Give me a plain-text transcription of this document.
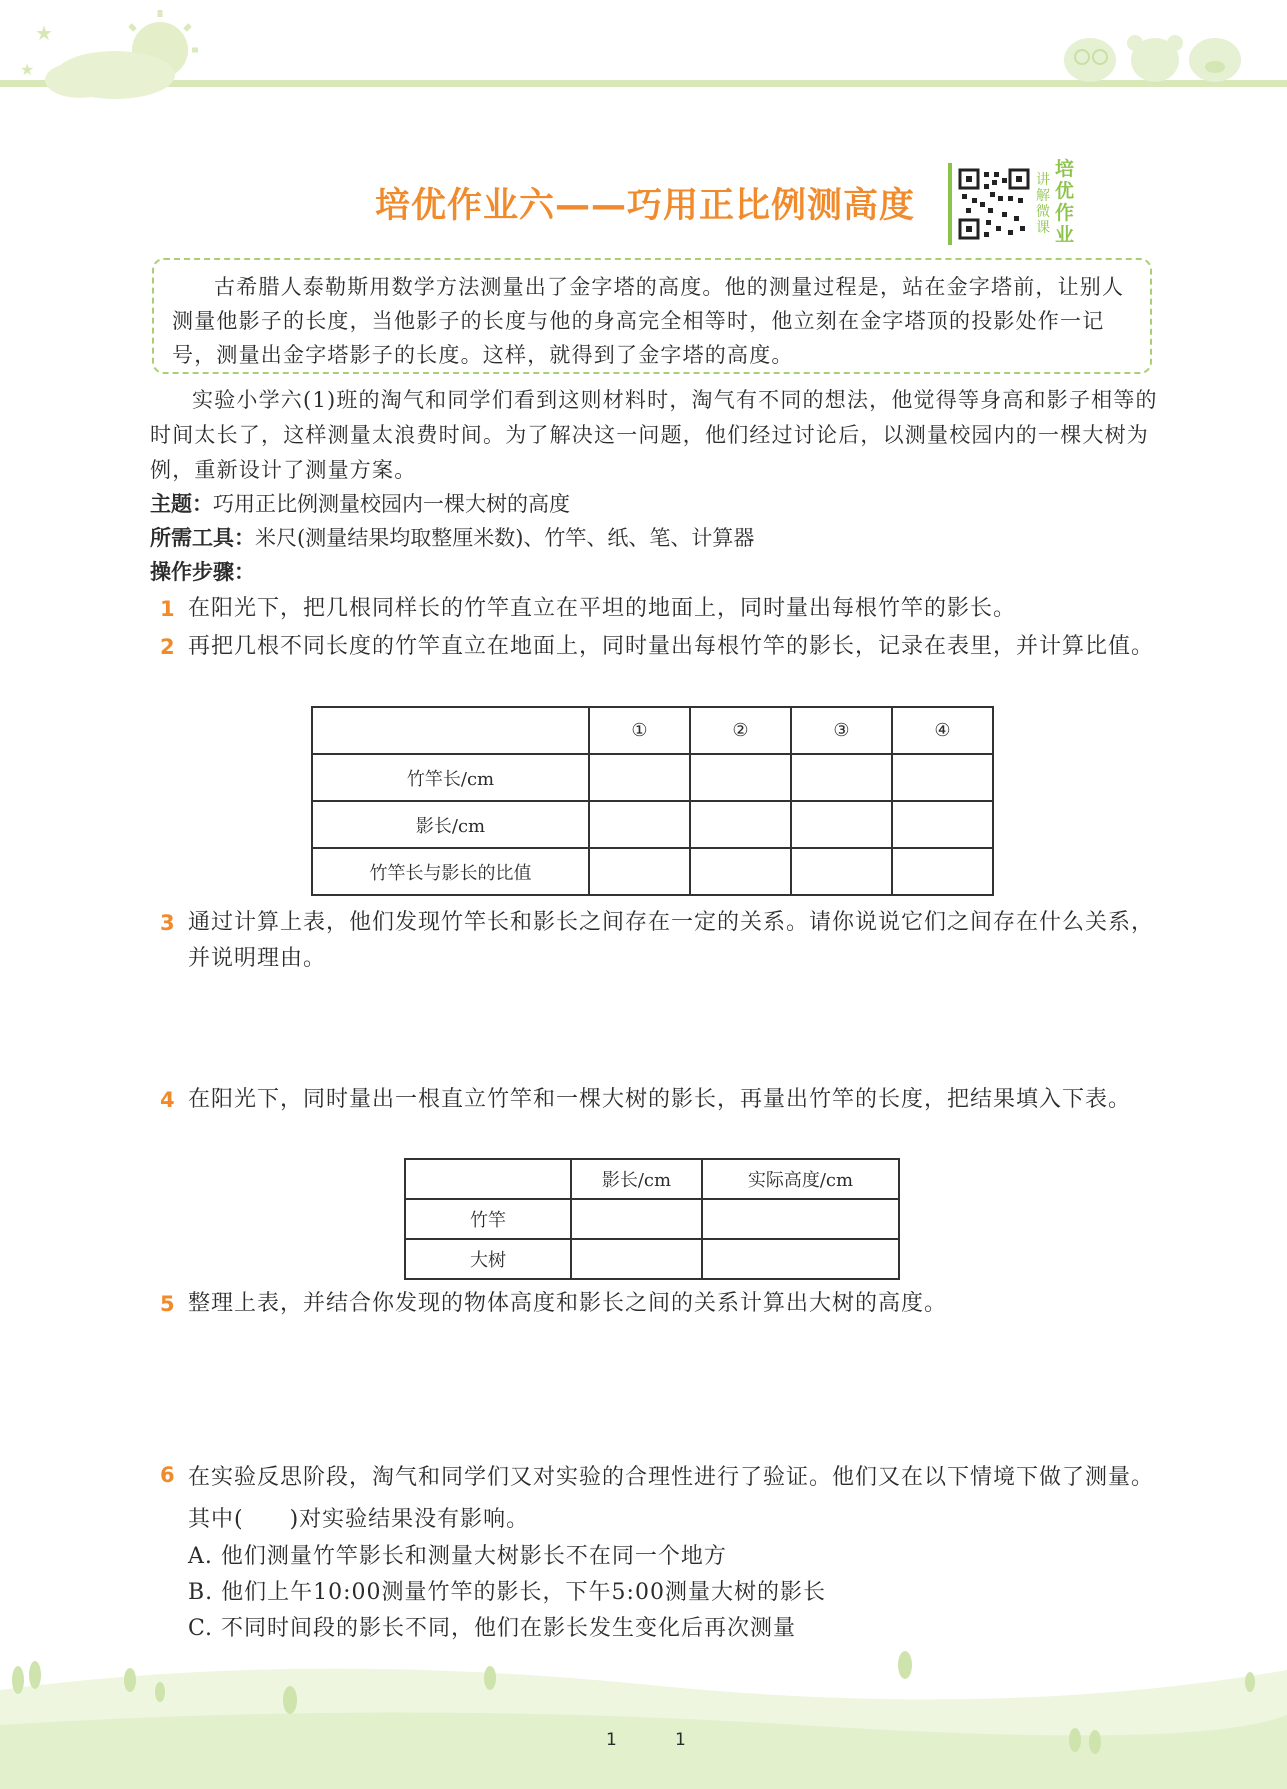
★
★
培优作业六——巧用正比例测高度
讲解微课
培优作业
古希腊人泰勒斯用数学方法测量出了金字塔的高度。他的测量过程是，站在金字塔前，让别人测量他影子的长度，当他影子的长度与他的身高完全相等时，他立刻在金字塔顶的投影处作一记号，测量出金字塔影子的长度。这样，就得到了金字塔的高度。
实验小学六(1)班的淘气和同学们看到这则材料时，淘气有不同的想法，他觉得等身高和影子相等的时间太长了，这样测量太浪费时间。为了解决这一问题，他们经过讨论后，以测量校园内的一棵大树为例，重新设计了测量方案。
主题：巧用正比例测量校园内一棵大树的高度
所需工具：米尺(测量结果均取整厘米数)、竹竿、纸、笔、计算器
操作步骤：
1 在阳光下，把几根同样长的竹竿直立在平坦的地面上，同时量出每根竹竿的影长。
2 再把几根不同长度的竹竿直立在地面上，同时量出每根竹竿的影长，记录在表里，并计算比值。
	①	②	③	④
竹竿长/cm				
影长/cm				
竹竿长与影长的比值				
3 通过计算上表，他们发现竹竿长和影长之间存在一定的关系。请你说说它们之间存在什么关系，并说明理由。
4 在阳光下，同时量出一根直立竹竿和一棵大树的影长，再量出竹竿的长度，把结果填入下表。
	影长/cm	实际高度/cm
竹竿		
大树		
5 整理上表，并结合你发现的物体高度和影长之间的关系计算出大树的高度。
6 在实验反思阶段，淘气和同学们又对实验的合理性进行了验证。他们又在以下情境下做了测量。其中(　　)对实验结果没有影响。
A. 他们测量竹竿影长和测量大树影长不在同一个地方
B. 他们上午10:00测量竹竿的影长，下午5:00测量大树的影长
C. 不同时间段的影长不同，他们在影长发生变化后再次测量
1	1
